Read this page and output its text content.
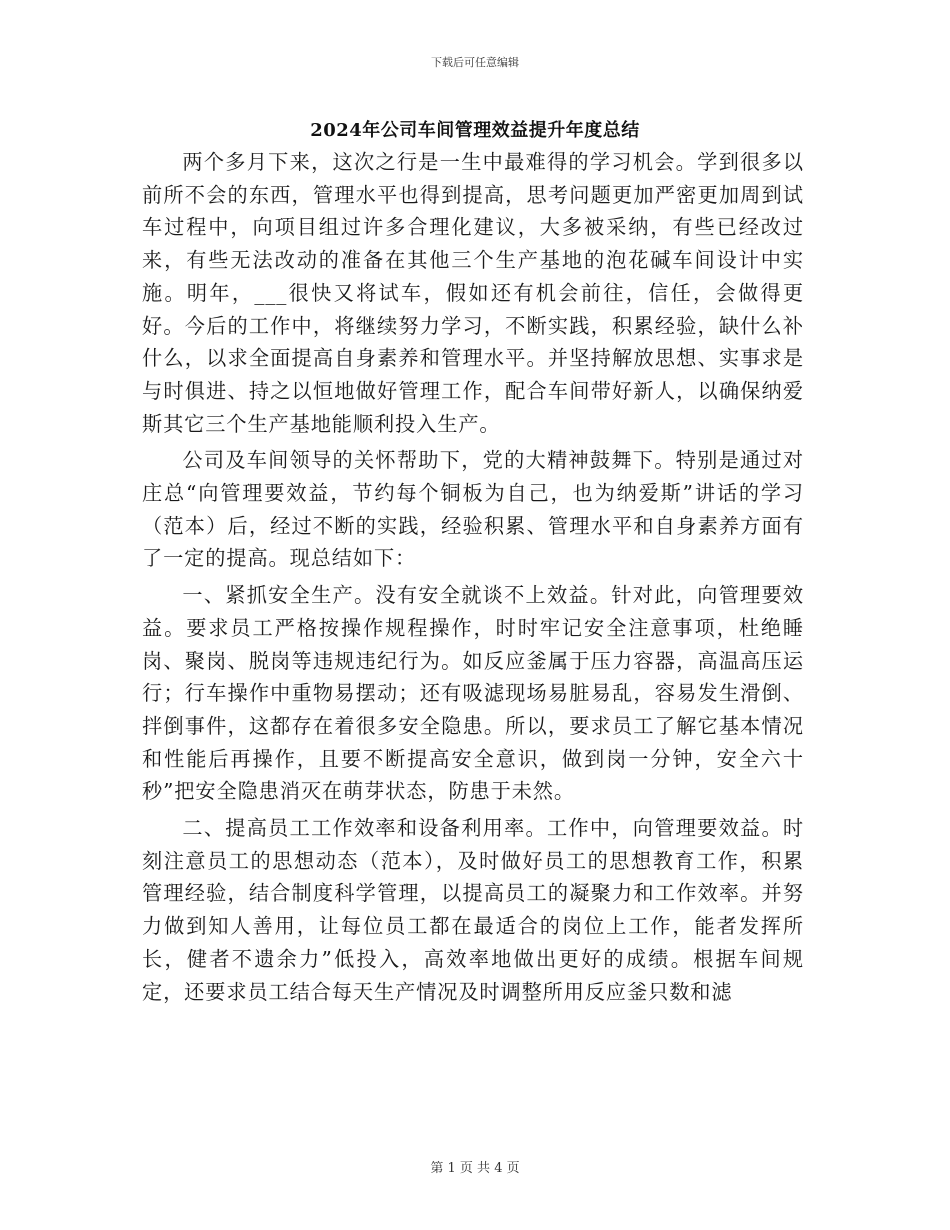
下载后可任意编辑
2024年公司车间管理效益提升年度总结

两个多月下来，这次之行是一生中最难得的学习机会。学到很多以前所不会的东西，管理水平也得到提高，思考问题更加严密更加周到试车过程中，向项目组过许多合理化建议，大多被采纳，有些已经改过来，有些无法改动的准备在其他三个生产基地的泡花碱车间设计中实施。明年，___很快又将试车，假如还有机会前往，信任，会做得更好。今后的工作中，将继续努力学习，不断实践，积累经验，缺什么补什么，以求全面提高自身素养和管理水平。并坚持解放思想、实事求是与时俱进、持之以恒地做好管理工作，配合车间带好新人，以确保纳爱斯其它三个生产基地能顺利投入生产。

公司及车间领导的关怀帮助下，党的大精神鼓舞下。特别是通过对庄总“向管理要效益，节约每个铜板为自己，也为纳爱斯”讲话的学习（范本）后，经过不断的实践，经验积累、管理水平和自身素养方面有了一定的提高。现总结如下：

一、紧抓安全生产。没有安全就谈不上效益。针对此，向管理要效益。要求员工严格按操作规程操作，时时牢记安全注意事项，杜绝睡岗、聚岗、脱岗等违规违纪行为。如反应釜属于压力容器，高温高压运行；行车操作中重物易摆动；还有吸滤现场易脏易乱，容易发生滑倒、拌倒事件，这都存在着很多安全隐患。所以，要求员工了解它基本情况和性能后再操作，且要不断提高安全意识，做到岗一分钟，安全六十秒”把安全隐患消灭在萌芽状态，防患于未然。

二、提高员工工作效率和设备利用率。工作中，向管理要效益。时刻注意员工的思想动态（范本），及时做好员工的思想教育工作，积累管理经验，结合制度科学管理，以提高员工的凝聚力和工作效率。并努力做到知人善用，让每位员工都在最适合的岗位上工作，能者发挥所长，健者不遗余力”低投入，高效率地做出更好的成绩。根据车间规定，还要求员工结合每天生产情况及时调整所用反应釜只数和滤

第 1 页 共 4 页
